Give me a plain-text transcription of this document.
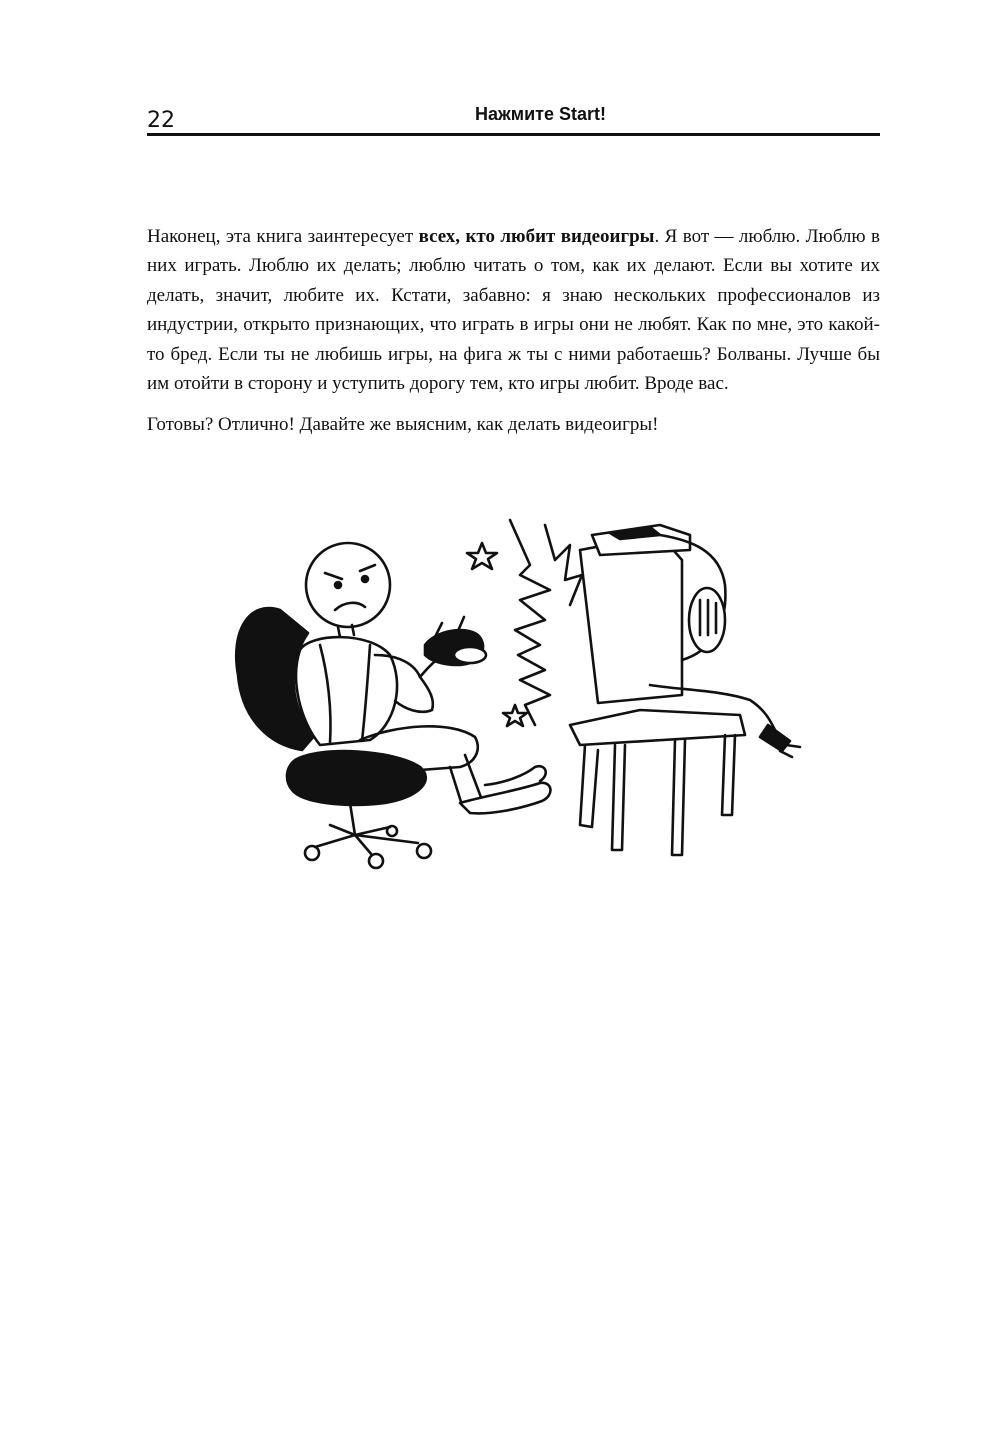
22	Нажмите Start!

Наконец, эта книга заинтересует всех, кто любит видеоигры. Я вот — люблю. Люблю в них играть. Люблю их делать; люблю читать о том, как их делают. Если вы хотите их делать, значит, любите их. Кстати, забавно: я знаю нескольких профессионалов из индустрии, открыто признающих, что играть в игры они не любят. Как по мне, это какой-то бред. Если ты не любишь игры, на фига ж ты с ними работаешь? Болваны. Лучше бы им отойти в сторону и уступить дорогу тем, кто игры любит. Вроде вас.

Готовы? Отлично! Давайте же выясним, как делать видеоигры!
